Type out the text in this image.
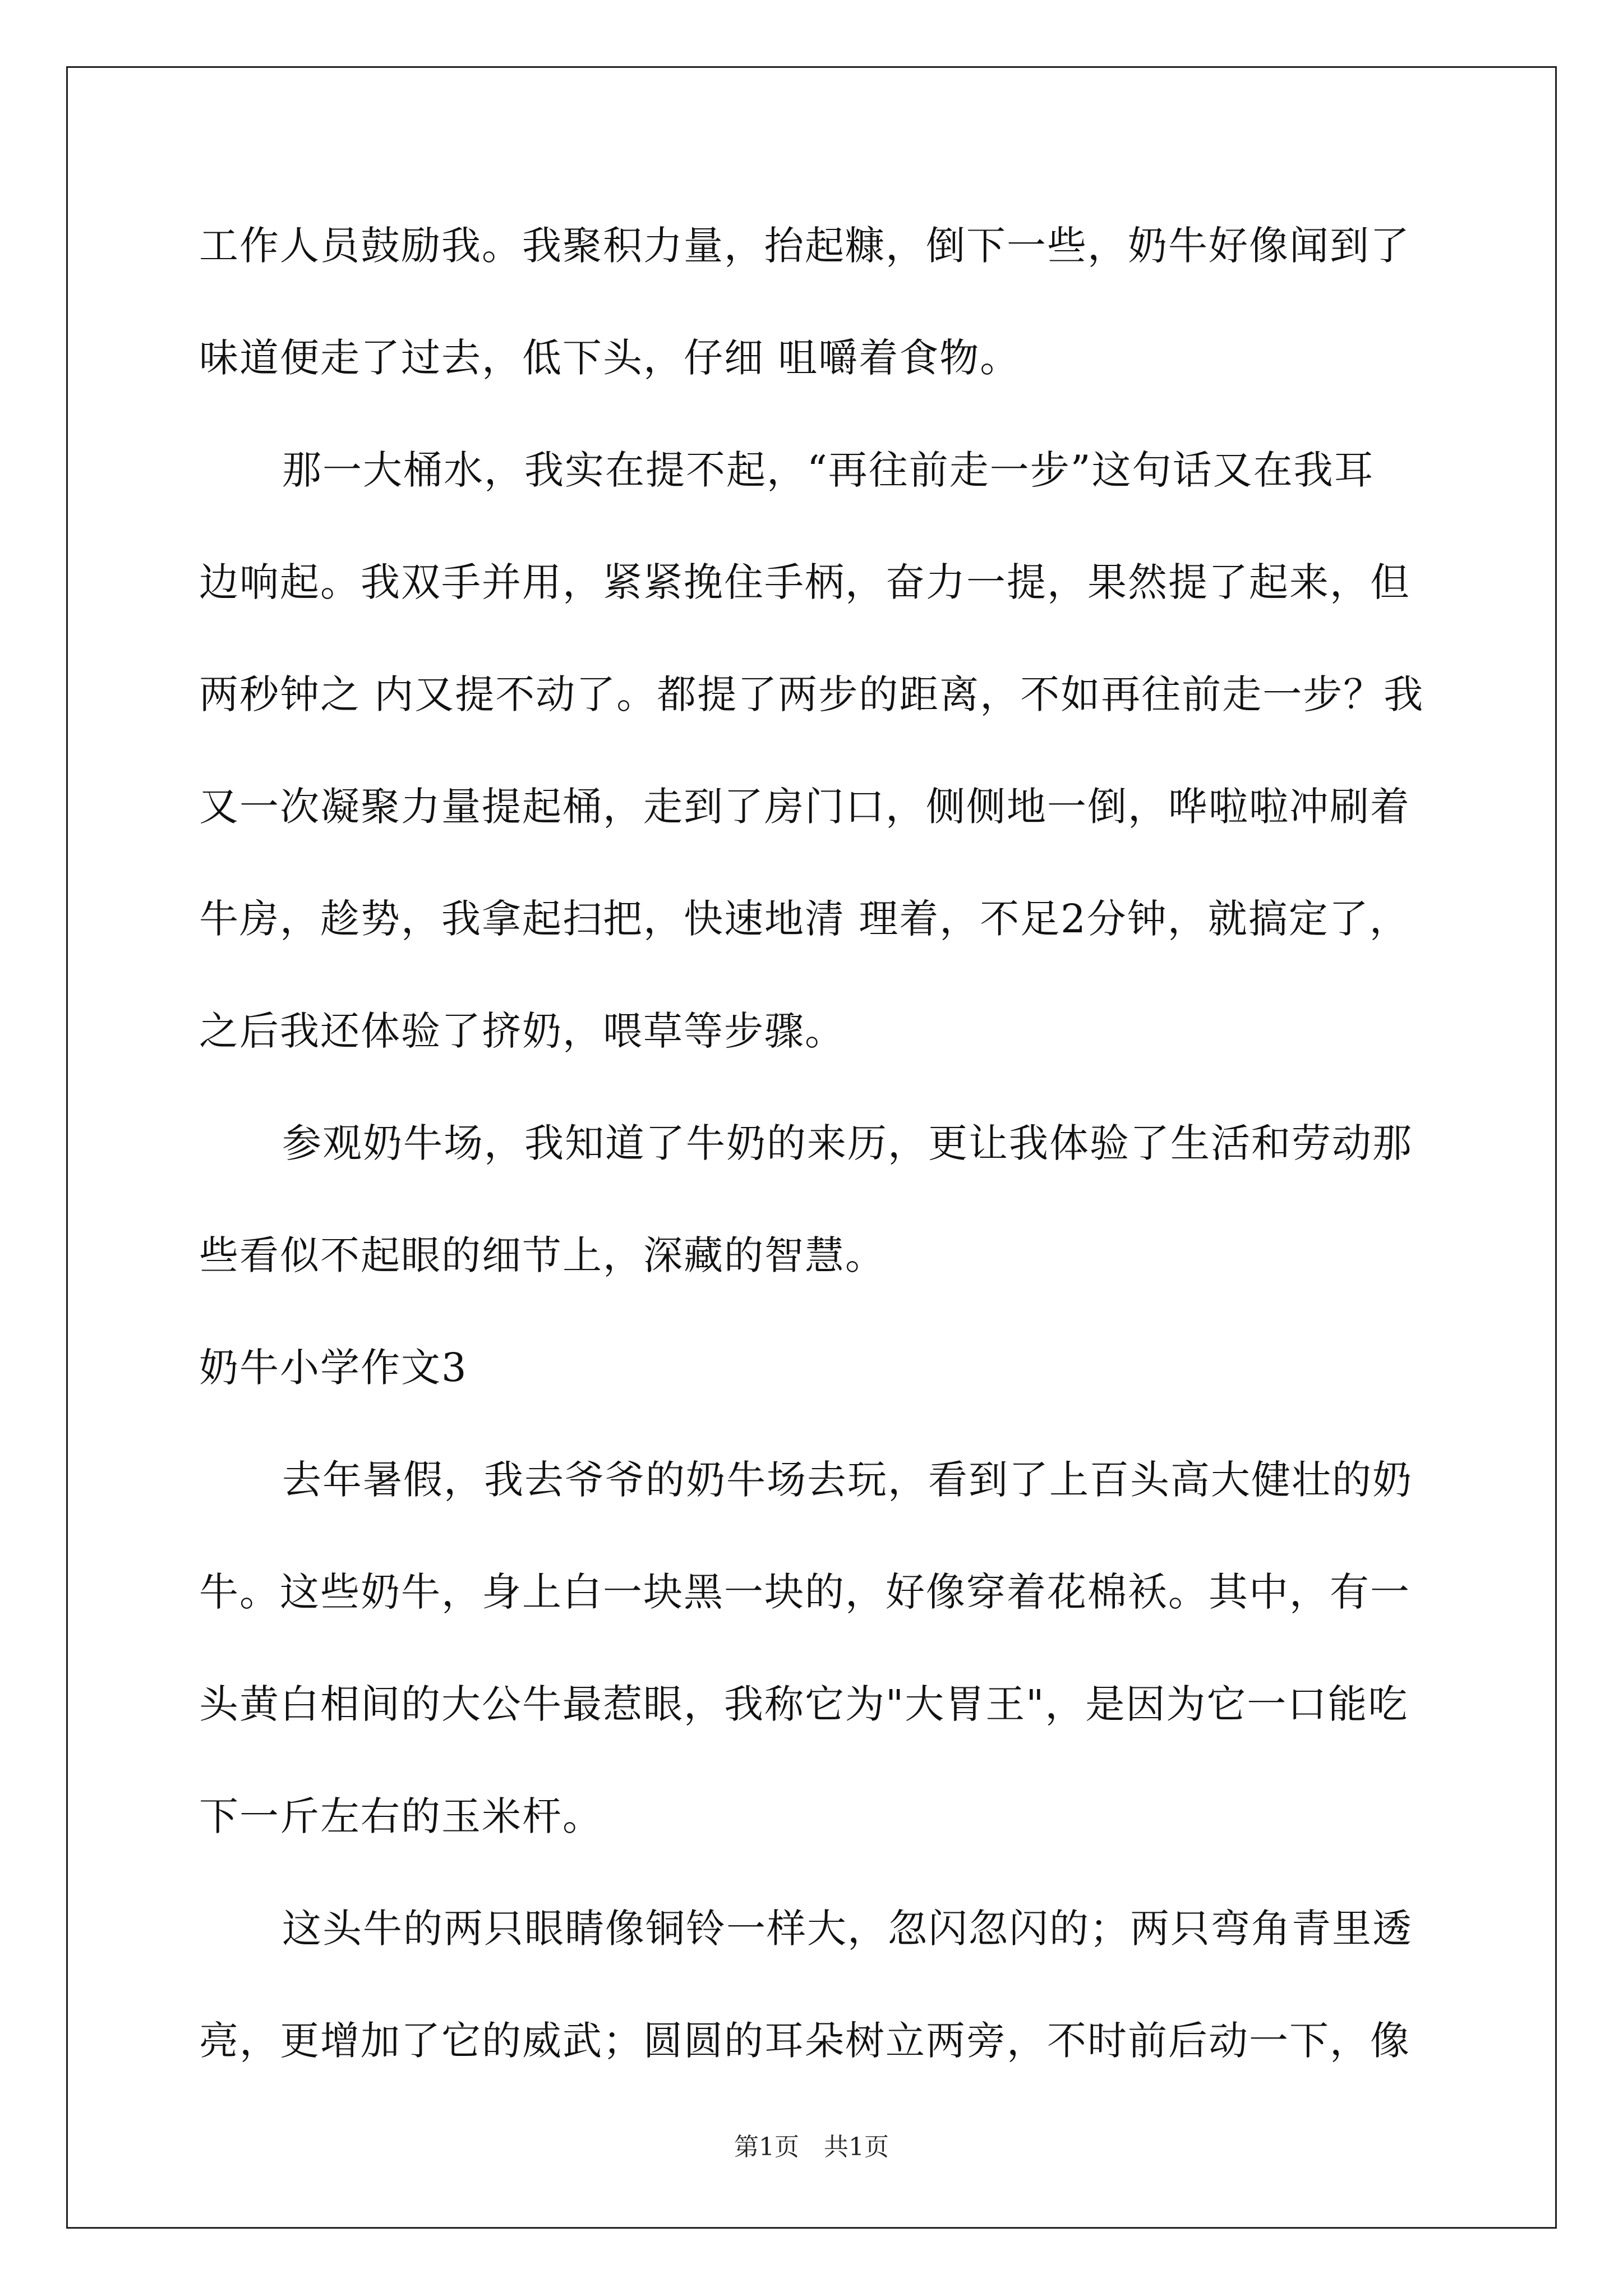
工作人员鼓励我。我聚积力量，抬起糠，倒下一些，奶牛好像闻到了
味道便走了过去，低下头，仔细 咀嚼着食物。
那一大桶水，我实在提不起，“再往前走一步”这句话又在我耳
边响起。我双手并用，紧紧挽住手柄，奋力一提，果然提了起来，但
两秒钟之 内又提不动了。都提了两步的距离，不如再往前走一步？我
又一次凝聚力量提起桶，走到了房门口，侧侧地一倒，哗啦啦冲刷着
牛房，趁势，我拿起扫把，快速地清 理着，不足2分钟，就搞定了，
之后我还体验了挤奶，喂草等步骤。
参观奶牛场，我知道了牛奶的来历，更让我体验了生活和劳动那
些看似不起眼的细节上，深藏的智慧。
奶牛小学作文3
去年暑假，我去爷爷的奶牛场去玩，看到了上百头高大健壮的奶
牛。这些奶牛，身上白一块黑一块的，好像穿着花棉袄。其中，有一
头黄白相间的大公牛最惹眼，我称它为"大胃王"，是因为它一口能吃
下一斤左右的玉米杆。
这头牛的两只眼睛像铜铃一样大，忽闪忽闪的；两只弯角青里透
亮，更增加了它的威武；圆圆的耳朵树立两旁，不时前后动一下，像
第1页　共1页
